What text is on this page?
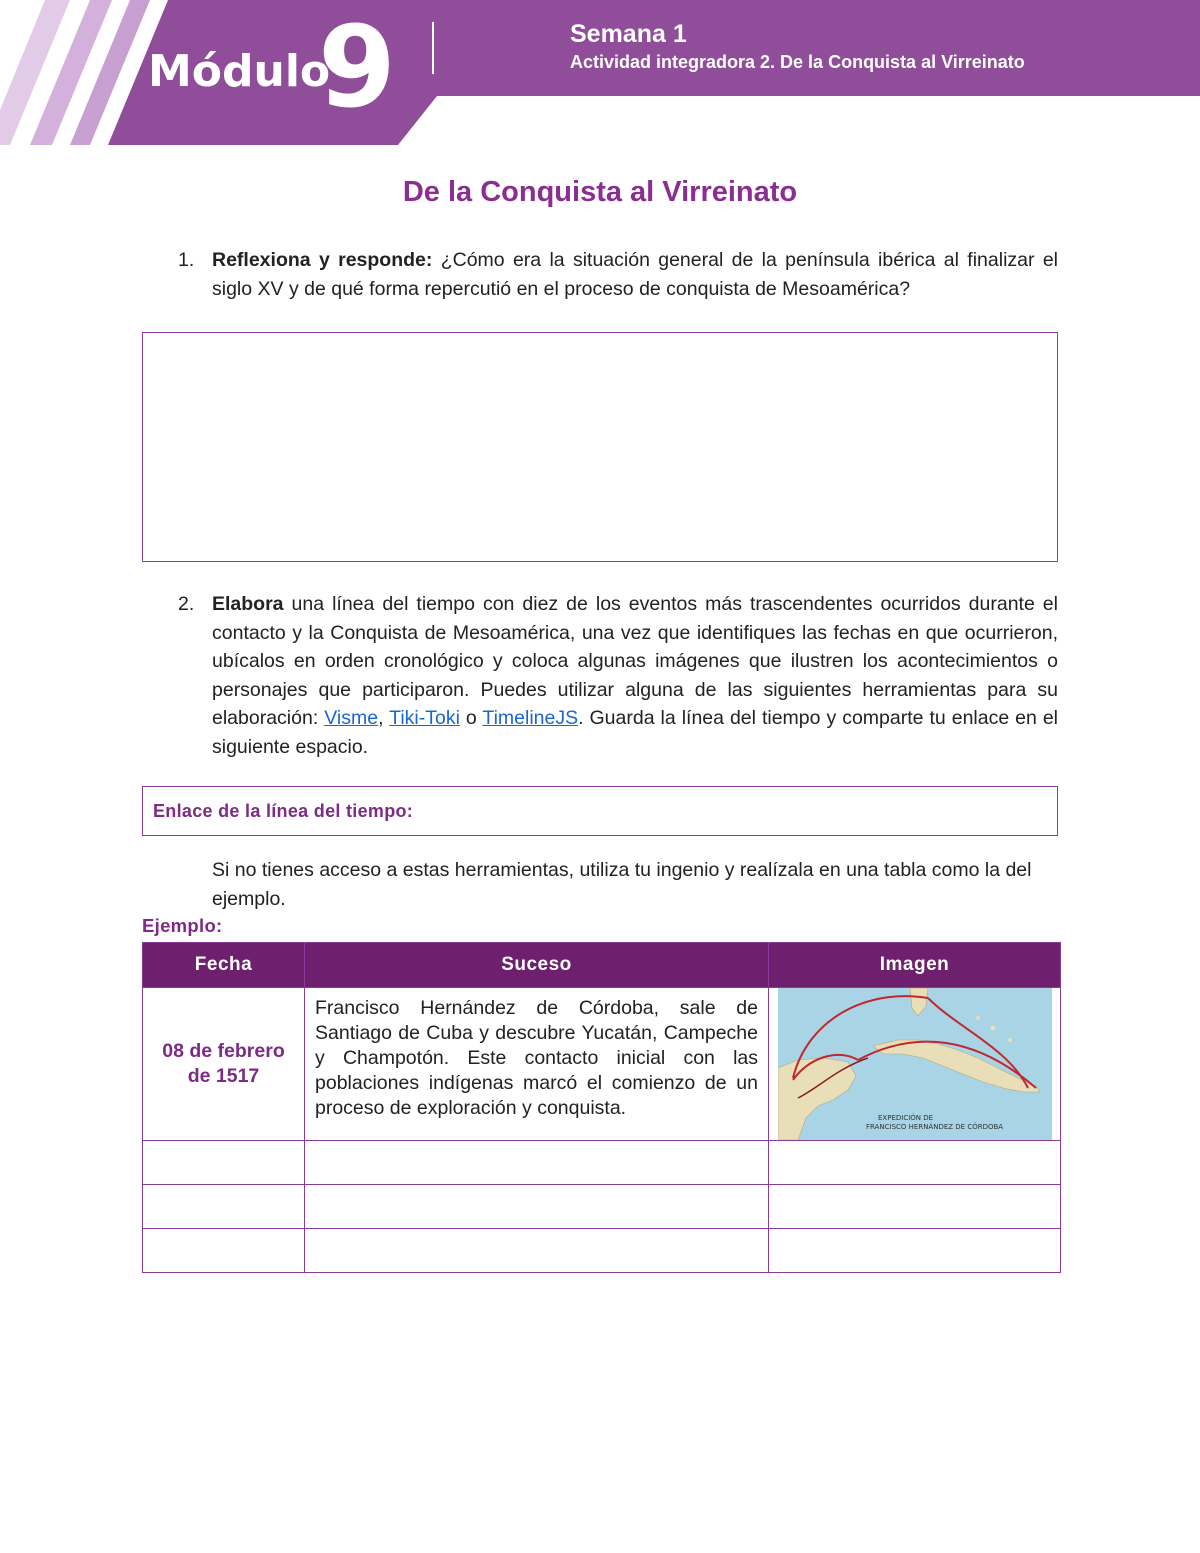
Módulo
9	Semana 1
Actividad integradora 2. De la Conquista al Virreinato
De la Conquista al Virreinato
1. Reflexiona y responde: ¿Cómo era la situación general de la península ibérica al finalizar el siglo XV y de qué forma repercutió en el proceso de conquista de Mesoamérica?
2. Elabora una línea del tiempo con diez de los eventos más trascendentes ocurridos durante el contacto y la Conquista de Mesoamérica, una vez que identifiques las fechas en que ocurrieron, ubícalos en orden cronológico y coloca algunas imágenes que ilustren los acontecimientos o personajes que participaron. Puedes utilizar alguna de las siguientes herramientas para su elaboración: Visme, Tiki-Toki o TimelineJS. Guarda la línea del tiempo y comparte tu enlace en el siguiente espacio.
Enlace de la línea del tiempo:
Si no tienes acceso a estas herramientas, utiliza tu ingenio y realízala en una tabla como la del ejemplo.
Ejemplo:
Fecha	Suceso	Imagen

08 de febrero de 1517	Francisco Hernández de Córdoba, sale de Santiago de Cuba y descubre Yucatán, Campeche y Champotón. Este contacto inicial con las poblaciones indígenas marcó el comienzo de un proceso de exploración y conquista.	EXPEDICIÓN DE
FRANCISCO HERNÁNDEZ DE CÓRDOBA
